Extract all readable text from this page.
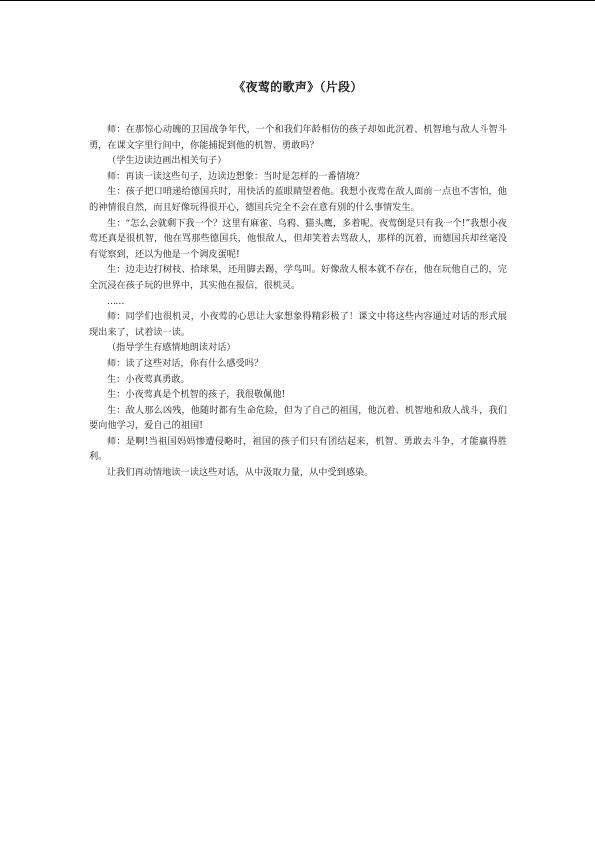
《夜莺的歌声》（片段）

师：在那惊心动魄的卫国战争年代，一个和我们年龄相仿的孩子却如此沉着、机智地与敌人斗智斗勇，在课文字里行间中，你能捕捉到他的机智、勇敢吗？

（学生边读边画出相关句子）

师：再读一读这些句子，边读边想象：当时是怎样的一番情境？

生：孩子把口哨递给德国兵时，用快活的蓝眼睛望着他。我想小夜莺在敌人面前一点也不害怕，他的神情很自然，而且好像玩得很开心，德国兵完全不会在意有别的什么事情发生。

生：“怎么会就剩下我一个？这里有麻雀、乌鸦、猫头鹰，多着呢。夜莺倒是只有我一个!”我想小夜莺还真是很机智，他在骂那些德国兵，他恨敌人，但却笑着去骂敌人，那样的沉着，而德国兵却丝毫没有觉察到，还以为他是一个调皮蛋呢!

生：边走边打树枝、拾球果，还用脚去踢，学鸟叫。好像敌人根本就不存在，他在玩他自己的，完全沉浸在孩子玩的世界中，其实他在报信，很机灵。

……

师：同学们也很机灵，小夜莺的心思让大家想象得精彩极了！课文中将这些内容通过对话的形式展现出来了，试着读一读。

（指导学生有感情地朗读对话）

师：读了这些对话，你有什么感受吗？

生：小夜莺真勇敢。

生：小夜莺真是个机智的孩子，我很敬佩他!

生：敌人那么凶残，他随时都有生命危险，但为了自己的祖国，他沉着、机智地和敌人战斗，我们要向他学习，爱自己的祖国!

师：是啊!当祖国妈妈惨遭侵略时，祖国的孩子们只有团结起来，机智、勇敢去斗争，才能赢得胜利。

让我们再动情地读一读这些对话，从中汲取力量，从中受到感染。
